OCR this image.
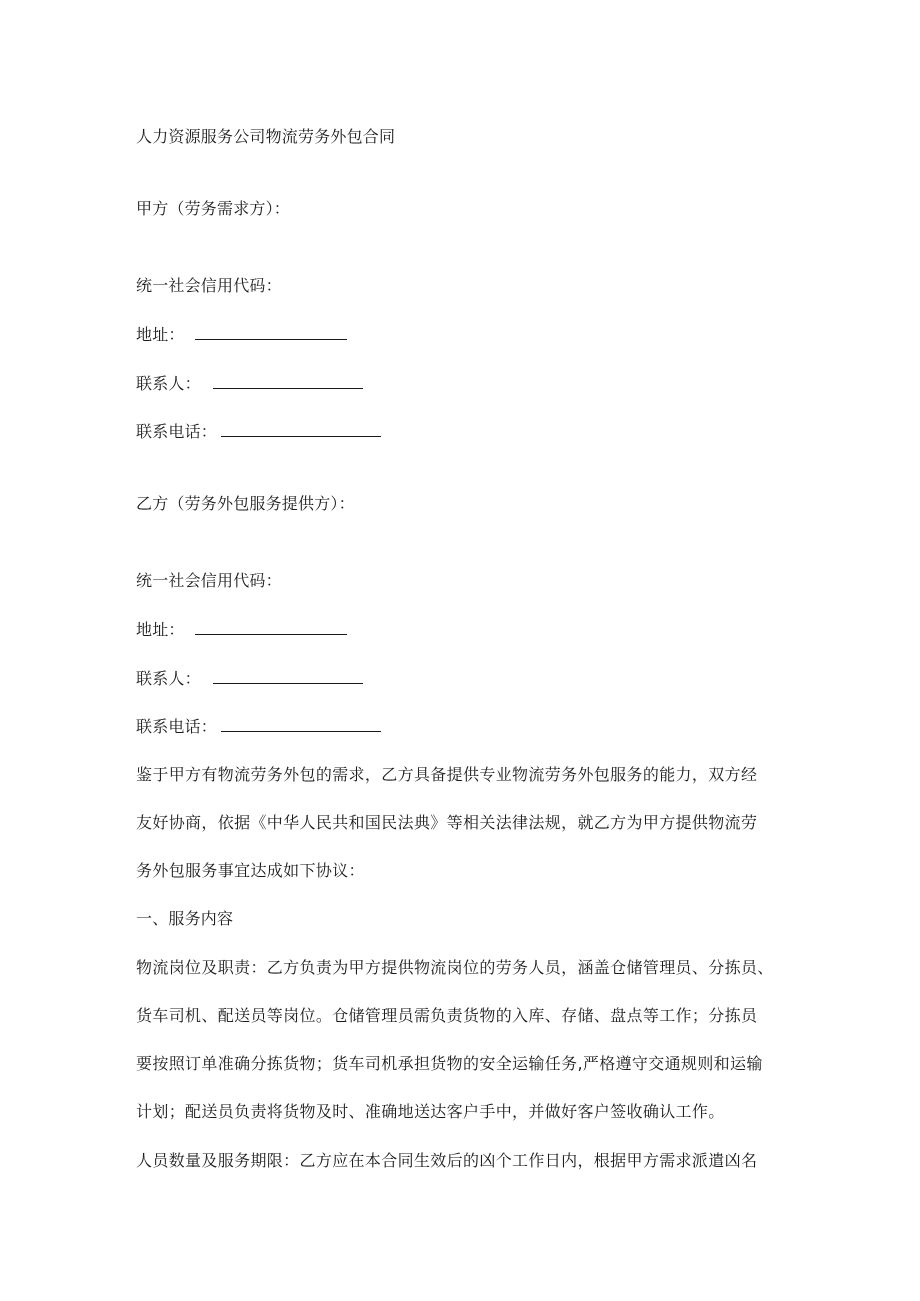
人力资源服务公司物流劳务外包合同
甲方（劳务需求方）：
统一社会信用代码：
地址：
联系人：
联系电话：
乙方（劳务外包服务提供方）：
统一社会信用代码：
地址：
联系人：
联系电话：
鉴于甲方有物流劳务外包的需求，乙方具备提供专业物流劳务外包服务的能力，双方经
友好协商，依据《中华人民共和国民法典》等相关法律法规，就乙方为甲方提供物流劳
务外包服务事宜达成如下协议：
一、服务内容
物流岗位及职责：乙方负责为甲方提供物流岗位的劳务人员，涵盖仓储管理员、分拣员、
货车司机、配送员等岗位。仓储管理员需负责货物的入库、存储、盘点等工作；分拣员
要按照订单准确分拣货物；货车司机承担货物的安全运输任务,严格遵守交通规则和运输
计划；配送员负责将货物及时、准确地送达客户手中，并做好客户签收确认工作。
人员数量及服务期限：乙方应在本合同生效后的凶个工作日内，根据甲方需求派遣凶名
